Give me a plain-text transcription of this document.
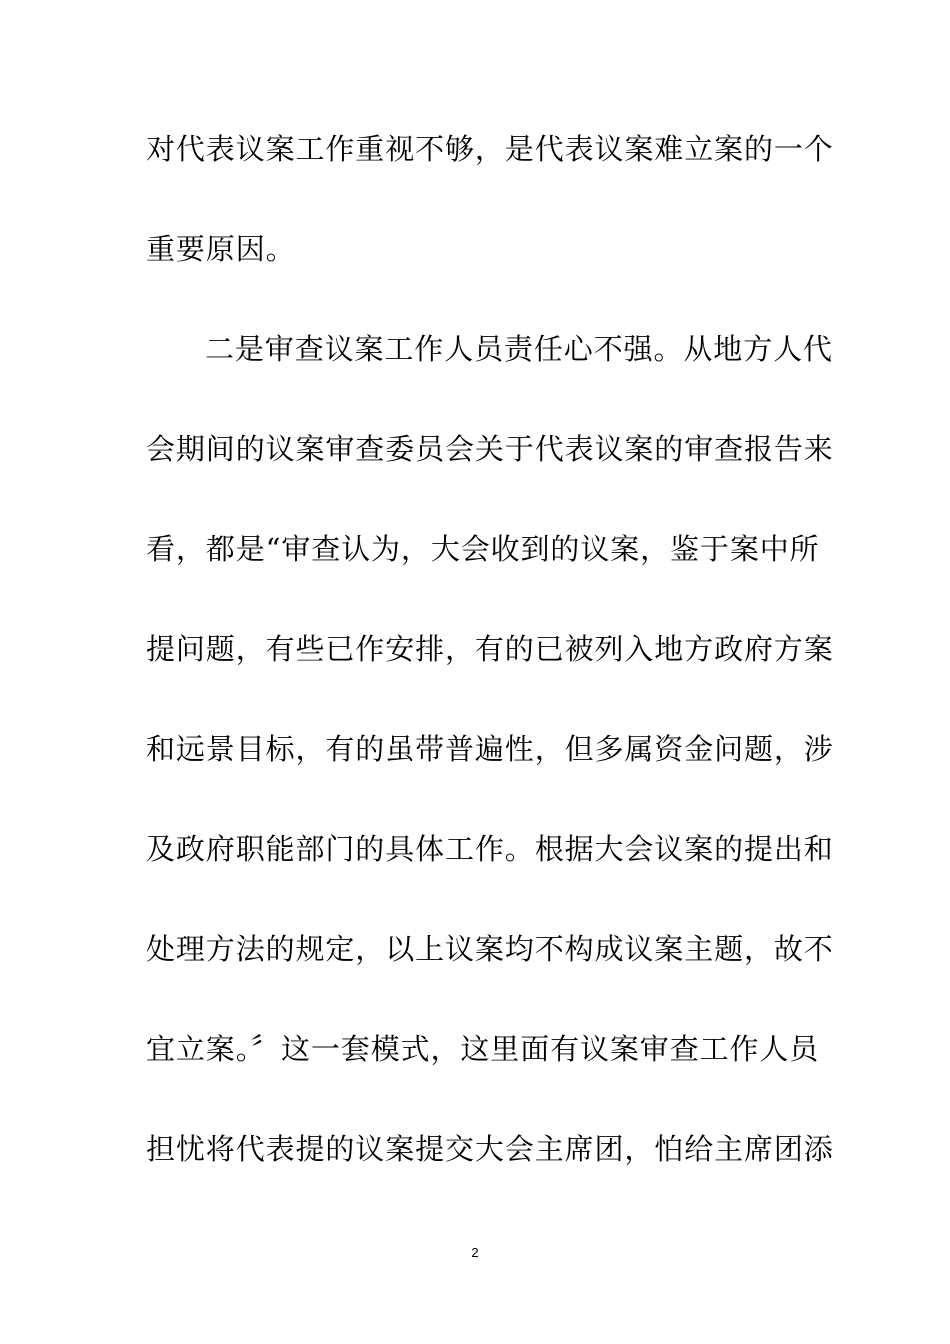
对代表议案工作重视不够，是代表议案难立案的一个
重要原因。
二是审查议案工作人员责任心不强。从地方人代
会期间的议案审查委员会关于代表议案的审查报告来
看，都是“审查认为，大会收到的议案，鉴于案中所
提问题，有些已作安排，有的已被列入地方政府方案
和远景目标，有的虽带普遍性，但多属资金问题，涉
及政府职能部门的具体工作。根据大会议案的提出和
处理方法的规定，以上议案均不构成议案主题，故不
宜立案。〞这一套模式，这里面有议案审查工作人员
担忧将代表提的议案提交大会主席团，怕给主席团添
2
